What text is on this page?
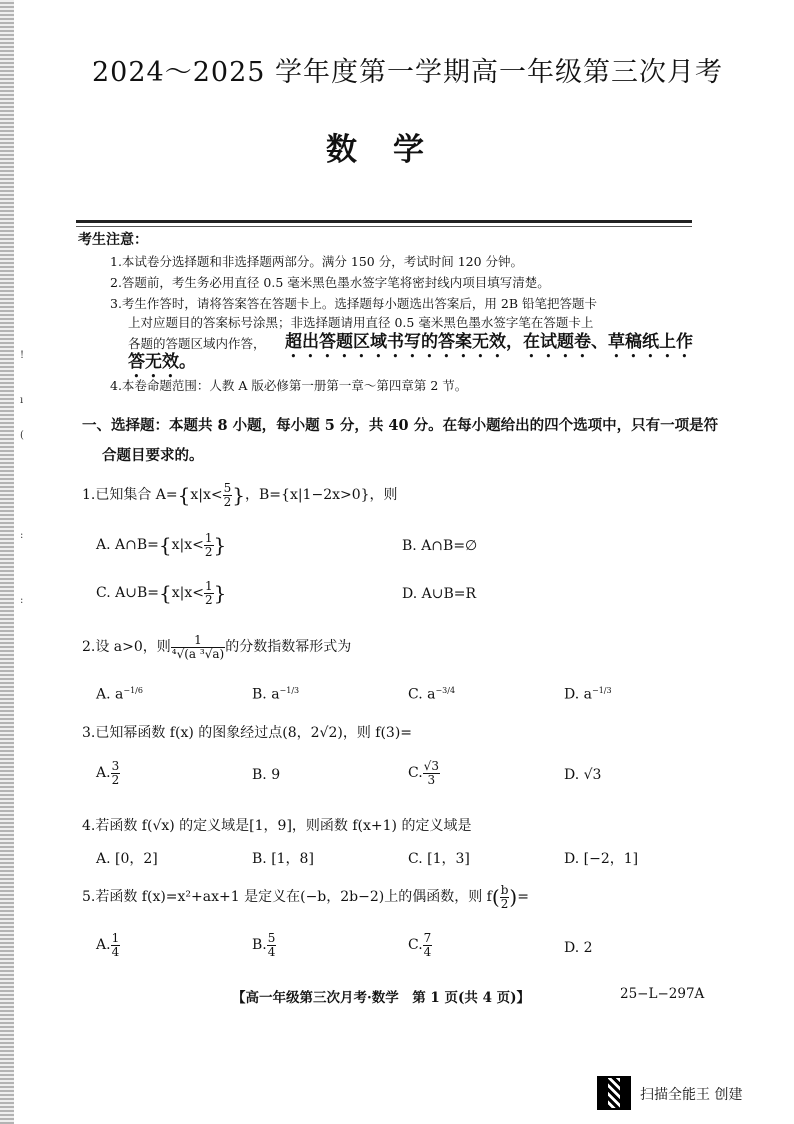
!
ı
(
:
:
2024～2025 学年度第一学期高一年级第三次月考
数学
考生注意：
1.本试卷分选择题和非选择题两部分。满分 150 分，考试时间 120 分钟。
2.答题前，考生务必用直径 0.5 毫米黑色墨水签字笔将密封线内项目填写清楚。
3.考生作答时，请将答案答在答题卡上。选择题每小题选出答案后，用 2B 铅笔把答题卡
上对应题目的答案标号涂黑；非选择题请用直径 0.5 毫米黑色墨水签字笔在答题卡上
各题的答题区域内作答， 超出答题区域书写的答案无效，在试题卷、草稿纸上作
答无效。
4.本卷命题范围：人教 A 版必修第一册第一章～第四章第 2 节。
一、选择题：本题共 8 小题，每小题 5 分，共 40 分。在每小题给出的四个选项中，只有一项是符
合题目要求的。
1.已知集合 $A=\{x|x< \frac{5}{2}$ }，B={x|1−2x>0}，则
A. A∩B={x|x< $\frac{1}{2}$ }	B. A∩B=∅
C. A∪B={x|x< $\frac{1}{2}$ }	D. A∪B=R
2.设 a>0，则 $\frac{1}{\text{⁴√(a ³√a)}}$ 的分数指数幂形式为
A. $a^{-1/6}$	B. $a^{-1/3}$	C. $a^{-3/4}$	D. $a^{-1/3}$
3.已知幂函数 f(x) 的图象经过点(8，2√2)，则 f(3)=
A. $\frac{3}{2}$	B. 9	C. $\frac{√3}{3}$	D. √3
4.若函数 f(√x) 的定义域是[1，9]，则函数 f(x+1) 的定义域是
A. [0，2]	B. [1，8]	C. [1，3]	D. [−2，1]
5.若函数 f(x)=x²+ax+1 是定义在(−b，2b−2)上的偶函数，则 $f( \frac{b}{2}$ )=
A. $\frac{1}{4}$	B. $\frac{5}{4}$	C. $\frac{7}{4}$	D. 2
【高一年级第三次月考·数学　第 1 页(共 4 页)】	25−L−297A
扫描全能王 创建
